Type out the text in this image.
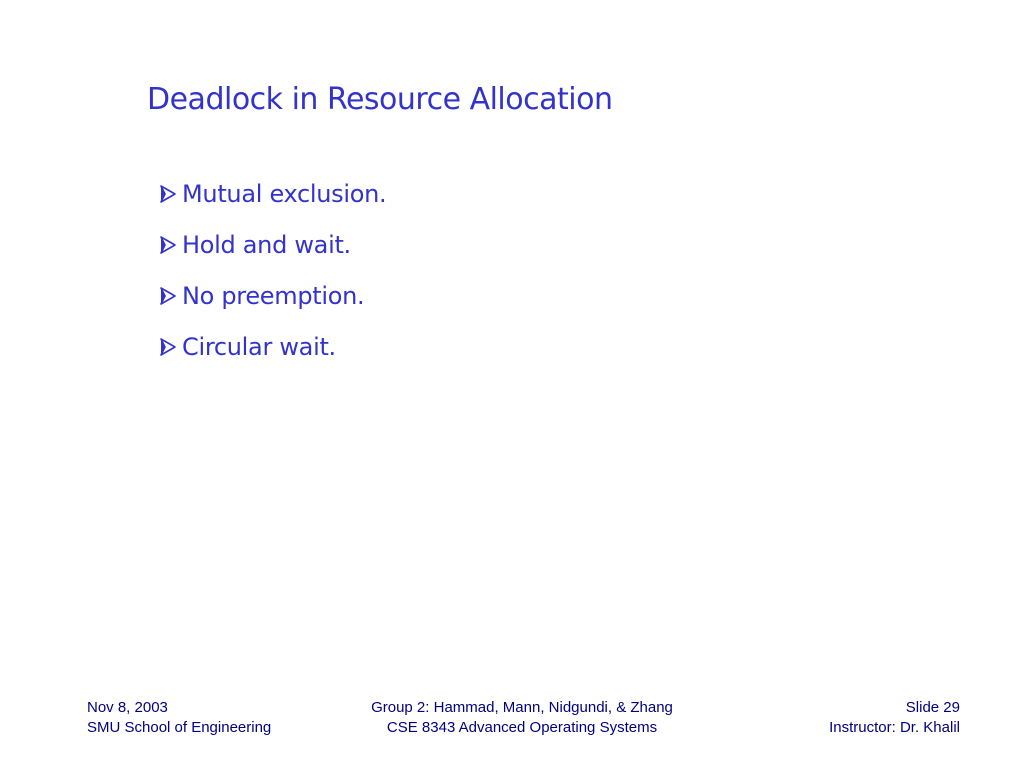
Deadlock in Resource Allocation
Mutual exclusion.
Hold and wait.
No preemption.
Circular wait.
Nov 8, 2003
SMU School of Engineering
Group 2: Hammad, Mann, Nidgundi, & Zhang
CSE 8343 Advanced Operating Systems
Slide 29
Instructor: Dr. Khalil
